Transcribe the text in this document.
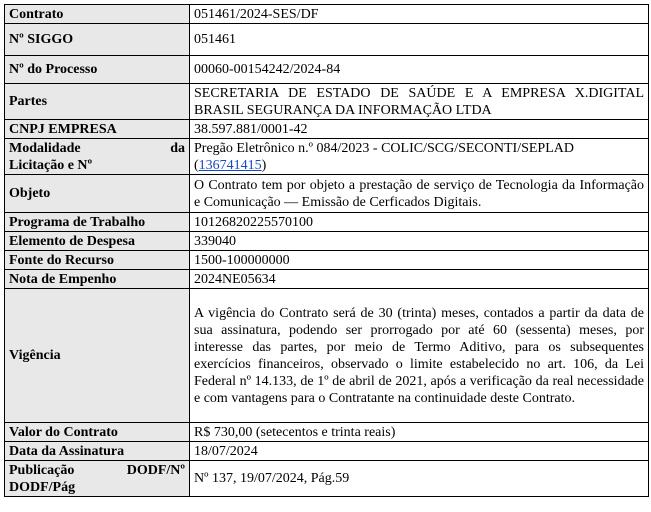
Contrato	051461/2024-SES/DF
Nº SIGGO	051461
Nº do Processo	00060-00154242/2024-84
Partes	SECRETARIA DE ESTADO DE SAÚDE E A EMPRESA X.DIGITAL BRASIL SEGURANÇA DA INFORMAÇÃO LTDA
CNPJ EMPRESA	38.597.881/0001-42

Modalidade da
Licitação e Nº	Pregão Eletrônico n.º 084/2023 - COLIC/SCG/SECONTI/SEPLAD (136741415)
Objeto	O Contrato tem por objeto a prestação de serviço de Tecnologia da Informação e Comunicação — Emissão de Cerficados Digitais.
Programa de Trabalho	10126820225570100
Elemento de Despesa	339040
Fonte do Recurso	1500-100000000
Nota de Empenho	2024NE05634
Vigência	A vigência do Contrato será de 30 (trinta) meses, contados a partir da data de sua assinatura, podendo ser prorrogado por até 60 (sessenta) meses, por interesse das partes, por meio de Termo Aditivo, para os subsequentes exercícios financeiros, observado o limite estabelecido no art. 106, da Lei Federal nº 14.133, de 1º de abril de 2021, após a verificação da real necessidade e com vantagens para o Contratante na continuidade deste Contrato.
Valor do Contrato	R$ 730,00 (setecentos e trinta reais)
Data da Assinatura	18/07/2024

Publicação DODF/Nº
DODF/Pág	Nº 137, 19/07/2024, Pág.59
